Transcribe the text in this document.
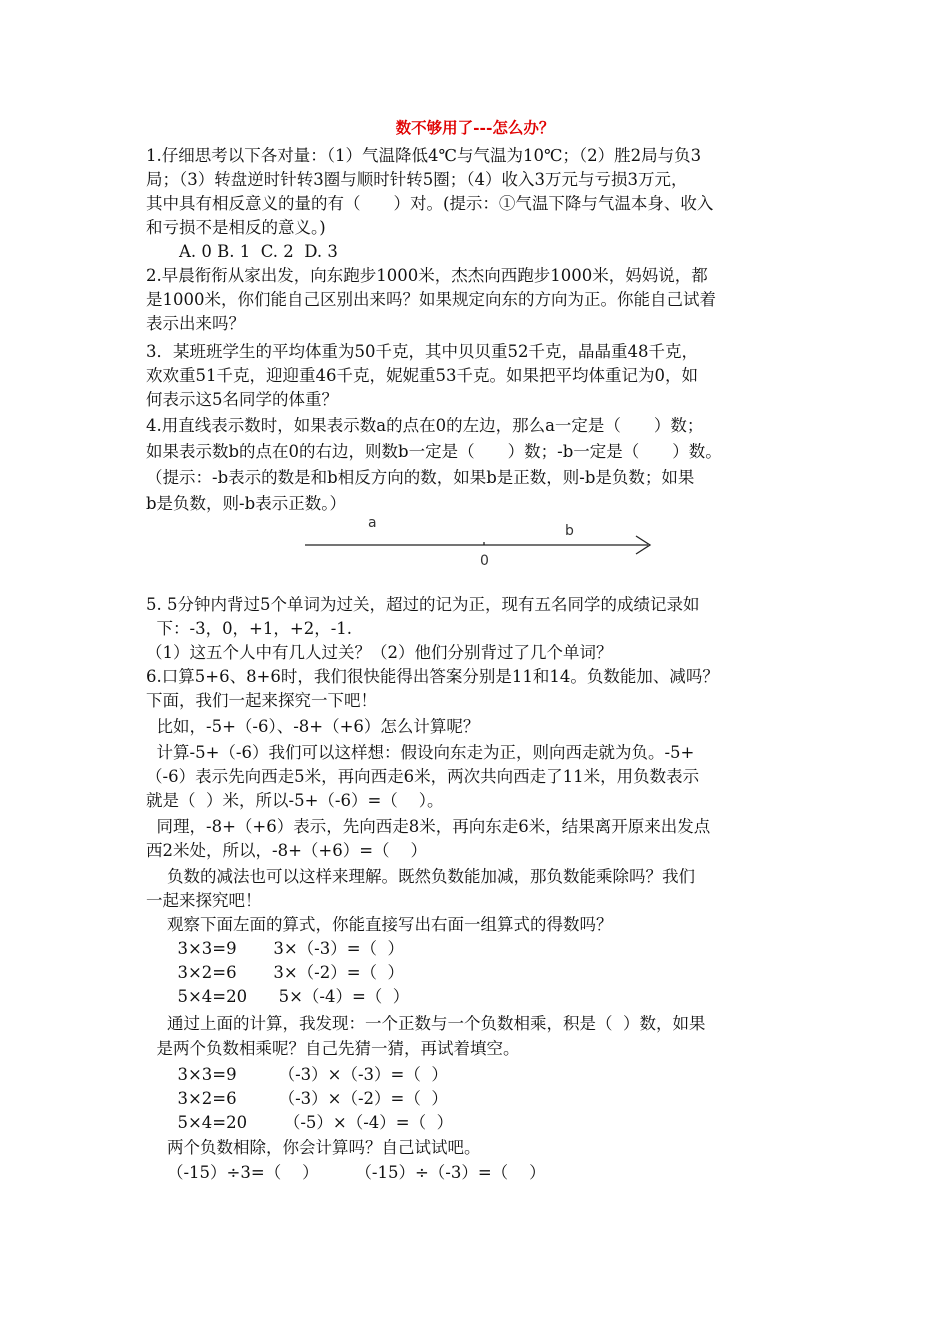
数不够用了---怎么办？
1.仔细思考以下各对量：（1）气温降低4℃与气温为10℃；（2）胜2局与负3
局；（3）转盘逆时针转3圈与顺时针转5圈；（4）收入3万元与亏损3万元，
其中具有相反意义的量的有（　　）对。(提示：①气温下降与气温本身、收入
和亏损不是相反的意义。)
　　A. 0 B. 1  C. 2  D. 3
2.早晨衔衔从家出发，向东跑步1000米，杰杰向西跑步1000米，妈妈说，都
是1000米，你们能自己区别出来吗？如果规定向东的方向为正。你能自己试着
表示出来吗？
3．某班班学生的平均体重为50千克，其中贝贝重52千克，晶晶重48千克，
欢欢重51千克，迎迎重46千克，妮妮重53千克。如果把平均体重记为0，如
何表示这5名同学的体重？
4.用直线表示数时，如果表示数a的点在0的左边，那么a一定是（　　）数；
如果表示数b的点在0的右边，则数b一定是（　　）数；-b一定是（　　）数。
（提示：-b表示的数是和b相反方向的数，如果b是正数，则-b是负数；如果
b是负数，则-b表示正数。）
a
0
b
5. 5分钟内背过5个单词为过关，超过的记为正，现有五名同学的成绩记录如
下：-3，0，+1，+2，-1.
（1）这五个人中有几人过关？（2）他们分别背过了几个单词？
6.口算5+6、8+6时，我们很快能得出答案分别是11和14。负数能加、减吗？
下面，我们一起来探究一下吧！
比如，-5+（-6）、-8+（+6）怎么计算呢？
计算-5+（-6）我们可以这样想：假设向东走为正，则向西走就为负。-5+
（-6）表示先向西走5米，再向西走6米，两次共向西走了11米，用负数表示
就是（  ）米，所以-5+（-6）=（    ）。
同理，-8+（+6）表示，先向西走8米，再向东走6米，结果离开原来出发点
西2米处，所以，-8+（+6）=（    ）
负数的减法也可以这样来理解。既然负数能加减，那负数能乘除吗？我们
一起来探究吧！
观察下面左面的算式，你能直接写出右面一组算式的得数吗？
3×3=9       3×（-3）=（  ）
3×2=6       3×（-2）=（  ）
5×4=20      5×（-4）=（  ）
通过上面的计算，我发现：一个正数与一个负数相乘，积是（  ）数，如果
是两个负数相乘呢？自己先猜一猜，再试着填空。
3×3=9        （-3）×（-3）=（  ）
3×2=6        （-3）×（-2）=（  ）
5×4=20       （-5）×（-4）=（  ）
两个负数相除，你会计算吗？自己试试吧。
（-15）÷3=（    ）       （-15）÷（-3）=（    ）
